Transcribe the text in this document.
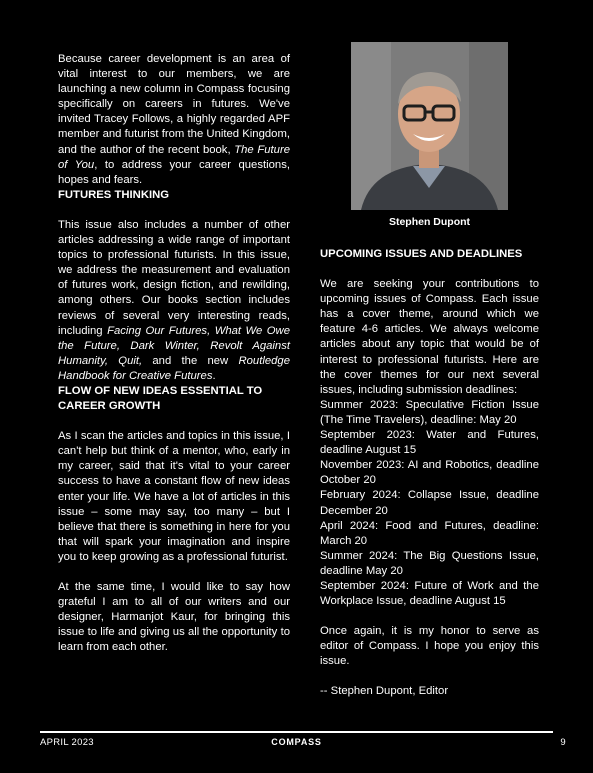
Because career development is an area of vital interest to our members, we are launching a new column in Compass focusing specifically on careers in futures. We've invited Tracey Follows, a highly regarded APF member and futurist from the United Kingdom, and the author of the recent book, The Future of You, to address your career questions, hopes and fears.

FUTURES THINKING

This issue also includes a number of other articles addressing a wide range of important topics to professional futurists. In this issue, we address the measurement and evaluation of futures work, design fiction, and rewilding, among others. Our books section includes reviews of several very interesting reads, including Facing Our Futures, What We Owe the Future, Dark Winter, Revolt Against Humanity, Quit, and the new Routledge Handbook for Creative Futures.

FLOW OF NEW IDEAS ESSENTIAL TO CAREER GROWTH

As I scan the articles and topics in this issue, I can't help but think of a mentor, who, early in my career, said that it's vital to your career success to have a constant flow of new ideas enter your life. We have a lot of articles in this issue – some may say, too many – but I believe that there is something in here for you that will spark your imagination and inspire you to keep growing as a professional futurist.

At the same time, I would like to say how grateful I am to all of our writers and our designer, Harmanjot Kaur, for bringing this issue to life and giving us all the opportunity to learn from each other.

Stephen Dupont
UPCOMING ISSUES AND DEADLINES

We are seeking your contributions to upcoming issues of Compass. Each issue has a cover theme, around which we feature 4-6 articles. We always welcome articles about any topic that would be of interest to professional futurists. Here are the cover themes for our next several issues, including submission deadlines:

Summer 2023: Speculative Fiction Issue (The Time Travelers), deadline: May 20

September 2023: Water and Futures, deadline August 15

November 2023: AI and Robotics, deadline October 20

February 2024: Collapse Issue, deadline December 20

April 2024: Food and Futures, deadline: March 20

Summer 2024: The Big Questions Issue, deadline May 20

September 2024: Future of Work and the Workplace Issue, deadline August 15

Once again, it is my honor to serve as editor of Compass. I hope you enjoy this issue.

-- Stephen Dupont, Editor

APRIL 2023	COMPASS	9
